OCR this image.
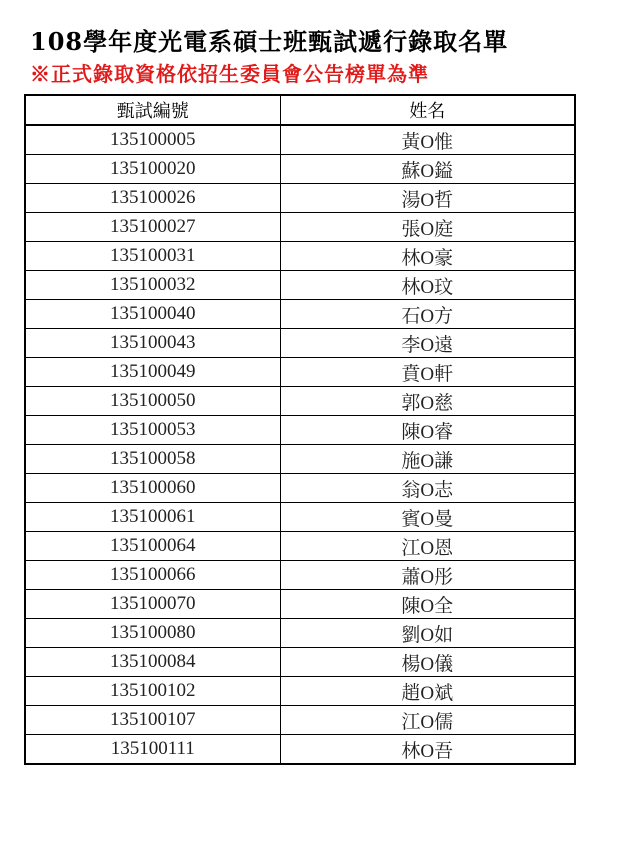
108學年度光電系碩士班甄試遞行錄取名單
※正式錄取資格依招生委員會公告榜單為準
甄試編號	姓名
135100005	黃O惟
135100020	蘇O鎰
135100026	湯O哲
135100027	張O庭
135100031	林O豪
135100032	林O玟
135100040	石O方
135100043	李O遠
135100049	賁O軒
135100050	郭O慈
135100053	陳O睿
135100058	施O謙
135100060	翁O志
135100061	賓O曼
135100064	江O恩
135100066	蕭O彤
135100070	陳O全
135100080	劉O如
135100084	楊O儀
135100102	趙O斌
135100107	江O儒
135100111	林O吾
